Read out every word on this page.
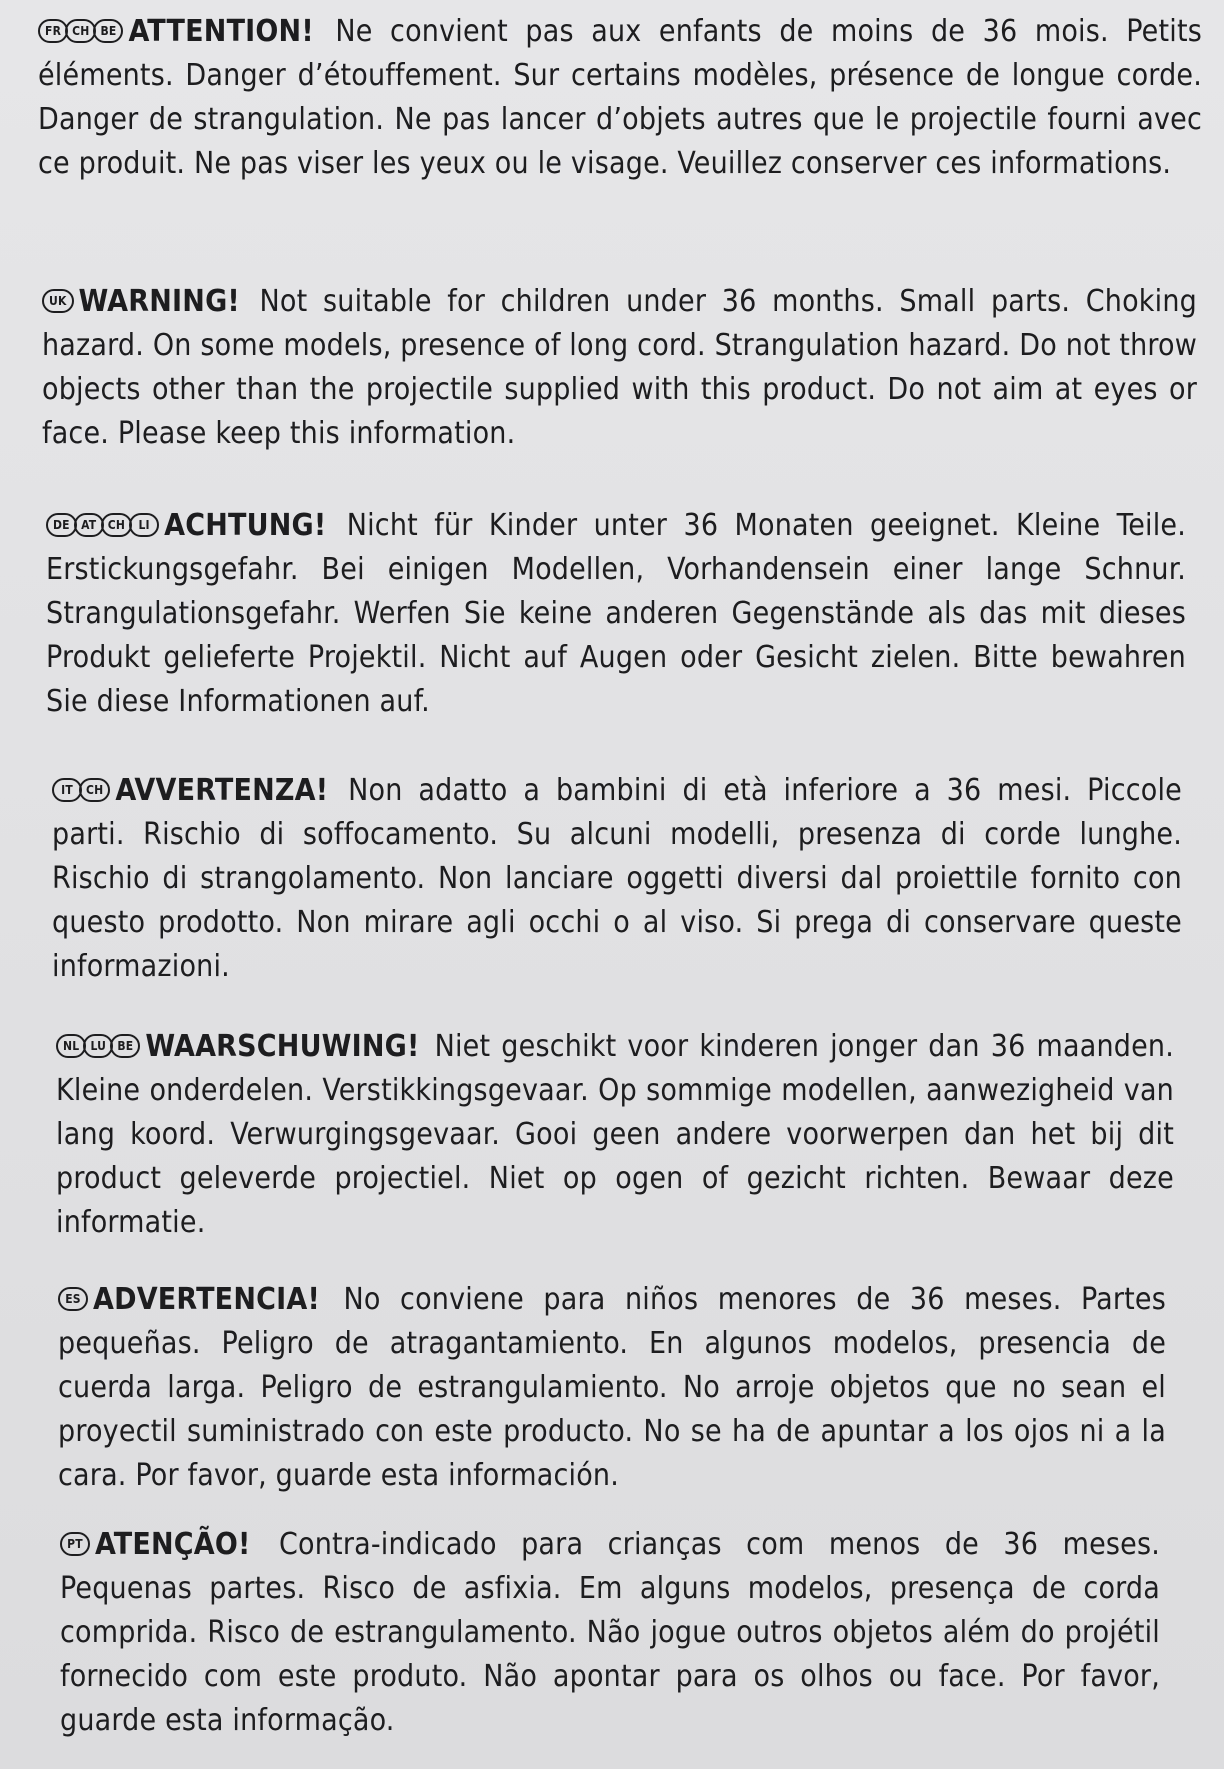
FR CH BE ATTENTION! Ne convient pas aux enfants de moins de 36 mois. Petits éléments. Danger d’étouffement. Sur certains modèles, présence de longue corde. Danger de strangulation. Ne pas lancer d’objets autres que le projectile fourni avec ce produit. Ne pas viser les yeux ou le visage. Veuillez conserver ces informations.

UK WARNING! Not suitable for children under 36 months. Small parts. Choking hazard. On some models, presence of long cord. Strangulation hazard. Do not throw objects other than the projectile supplied with this product. Do not aim at eyes or face. Please keep this information.

DE AT CH LI ACHTUNG! Nicht für Kinder unter 36 Monaten geeignet. Kleine Teile. Erstickungsgefahr. Bei einigen Modellen, Vorhandensein einer lange Schnur. Strangulationsgefahr. Werfen Sie keine anderen Gegenstände als das mit dieses Produkt gelieferte Projektil. Nicht auf Augen oder Gesicht zielen. Bitte bewahren Sie diese Informationen auf.

IT CH AVVERTENZA! Non adatto a bambini di età inferiore a 36 mesi. Piccole parti. Rischio di soffocamento. Su alcuni modelli, presenza di corde lunghe. Rischio di strangolamento. Non lanciare oggetti diversi dal proiettile fornito con questo prodotto. Non mirare agli occhi o al viso. Si prega di conservare queste informazioni.

NL LU BE WAARSCHUWING! Niet geschikt voor kinderen jonger dan 36 maanden. Kleine onderdelen. Verstikkingsgevaar. Op sommige modellen, aanwezigheid van lang koord. Verwurgingsgevaar. Gooi geen andere voorwerpen dan het bij dit product geleverde projectiel. Niet op ogen of gezicht richten. Bewaar deze informatie.

ES ADVERTENCIA! No conviene para niños menores de 36 meses. Partes pequeñas. Peligro de atragantamiento. En algunos modelos, presencia de cuerda larga. Peligro de estrangulamiento. No arroje objetos que no sean el proyectil suministrado con este producto. No se ha de apuntar a los ojos ni a la cara. Por favor, guarde esta información.

PT ATENÇÃO! Contra-indicado para crianças com menos de 36 meses. Pequenas partes. Risco de asfixia. Em alguns modelos, presença de corda comprida. Risco de estrangulamento. Não jogue outros objetos além do projétil fornecido com este produto. Não apontar para os olhos ou face. Por favor, guarde esta informação.
